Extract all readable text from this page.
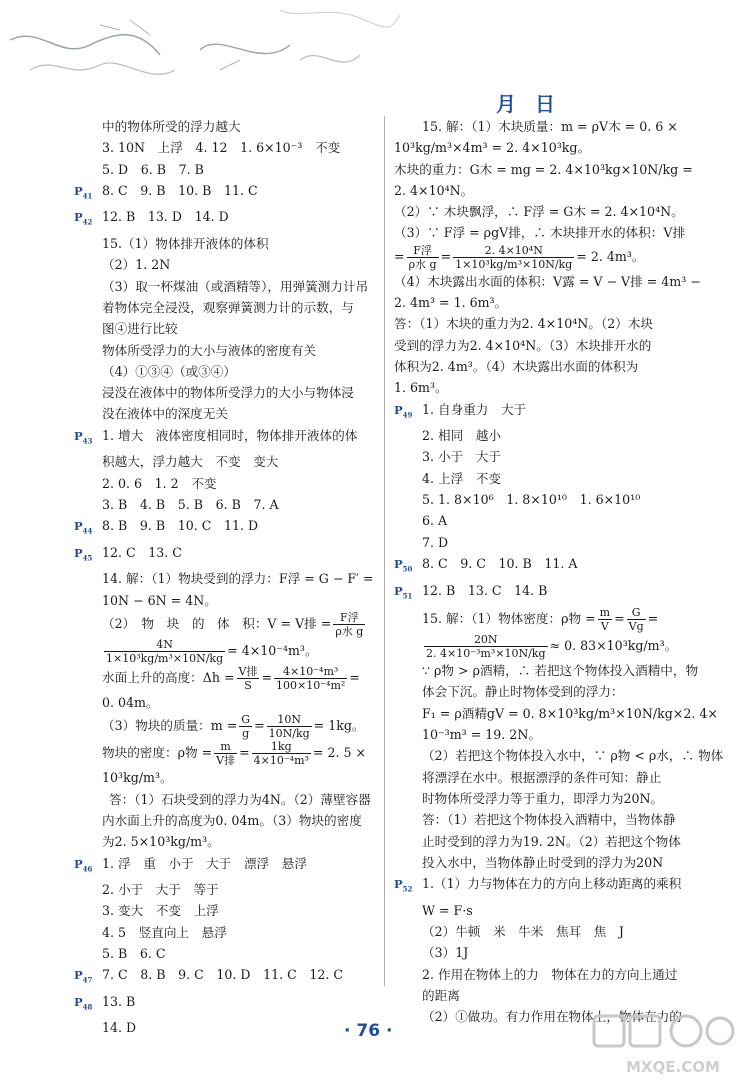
月 日
中的物体所受的浮力越大
3. 10N　上浮　4. 12　1. 6×10⁻³　不变
5. D　6. B　7. B
$P_{41}$ 8. C　9. B　10. B　11. C
$P_{42}$ 12. B　13. D　14. D
15.（1）物体排开液体的体积
（2）1. 2N
（3）取一杯煤油（或酒精等），用弹簧测力计吊
着物体完全浸没，观察弹簧测力计的示数，与
图④进行比较
物体所受浮力的大小与液体的密度有关
（4）①③④（或③④）
浸没在液体中的物体所受浮力的大小与物体浸
没在液体中的深度无关
$P_{43}$ 1. 增大　液体密度相同时，物体排开液体的体
积越大，浮力越大　不变　变大
2. 0. 6　1. 2　不变
3. B　4. B　5. B　6. B　7. A
$P_{44}$ 8. B　9. B　10. C　11. D
$P_{45}$ 12. C　13. C
14. 解：（1）物块受到的浮力：F浮 = G − F′ =
10N − 6N = 4N。
（2）　物　块　的　体　积：V = V排 = $\frac{\text{F浮}}{\text{ρ水 g}}$
$\frac{4N}{\text{1×10³kg/m³×10N/kg}} = 4\times 10^{-4}m^3$。
水面上升的高度：$\Delta h = \frac{\text{V排}}{S} = \frac{\text{4×10⁻⁴m³}}{\text{100×10⁻⁴m²}}$ =
0. 04m。
（3）物块的质量：$m = \frac{G}{g} = \frac{10N}{10N/kg} = 1kg$。
物块的密度：ρ物 = $\frac{m}{\text{V排}} = \frac{1kg}{\text{4×10⁻⁴m³}} = 2$. 5 ×
10³kg/m³。
答：（1）石块受到的浮力为4N。（2）薄壁容器
内水面上升的高度为0. 04m。（3）物块的密度
为2. 5×10³kg/m³。
$P_{46}$ 1. 浮　重　小于　大于　漂浮　悬浮
2. 小于　大于　等于
3. 变大　不变　上浮
4. 5　竖直向上　悬浮
5. B　6. C
$P_{47}$ 7. C　8. B　9. C　10. D　11. C　12. C
$P_{48}$ 13. B
14. D
15. 解：（1）木块质量：m = ρV木 = 0. 6 ×
10³kg/m³×4m³ = 2. 4×10³kg。
木块的重力：G木 = mg = 2. 4×10³kg×10N/kg =
2. 4×10⁴N。
（2）∵ 木块飘浮，∴ F浮 = G木 = 2. 4×10⁴N。
（3）∵ F浮 = ρgV排，∴ 木块排开水的体积：V排
= $\frac{\text{F浮}}{\text{ρ水 g}} = \frac{\text{2. 4×10⁴N}}{\text{1×10³kg/m³×10N/kg}} = 2$. 4m³。
（4）木块露出水面的体积：V露 = V − V排 = 4m³ −
2. 4m³ = 1. 6m³。
答：（1）木块的重力为2. 4×10⁴N。（2）木块
受到的浮力为2. 4×10⁴N。（3）木块排开水的
体积为2. 4m³。（4）木块露出水面的体积为
1. 6m³。
$P_{49}$ 1. 自身重力　大于
2. 相同　越小
3. 小于　大于
4. 上浮　不变
5. 1. 8×10⁶　1. 8×10¹⁰　1. 6×10¹⁰
6. A
7. D
$P_{50}$ 8. C　9. C　10. B　11. A
$P_{51}$ 12. B　13. C　14. B
15. 解：（1）物体密度：ρ物 = $\frac{m}{V} = \frac{G}{Vg}$ =
$\frac{20N}{\text{2. 4×10⁻³m³×10N/kg}} \approx 0$. 83×10³kg/m³。
∵ ρ物 > ρ酒精，∴ 若把这个物体投入酒精中，物
体会下沉。静止时物体受到的浮力：
F₁ = ρ酒精gV = 0. 8×10³kg/m³×10N/kg×2. 4×
10⁻³m³ = 19. 2N。
（2）若把这个物体投入水中，∵ ρ物 < ρ水，∴ 物体
将漂浮在水中。根据漂浮的条件可知：静止
时物体所受浮力等于重力，即浮力为20N。
答：（1）若把这个物体投入酒精中，当物体静
止时受到的浮力为19. 2N。（2）若把这个物体
投入水中，当物体静止时受到的浮力为20N
$P_{52}$ 1.（1）力与物体在力的方向上移动距离的乘积
W = F·s
（2）牛顿　米　牛米　焦耳　焦　J
（3）1J
2. 作用在物体上的力　物体在力的方向上通过
的距离
（2）①做功。有力作用在物体上，物体在力的
· 76 ·
MXQE.COM
